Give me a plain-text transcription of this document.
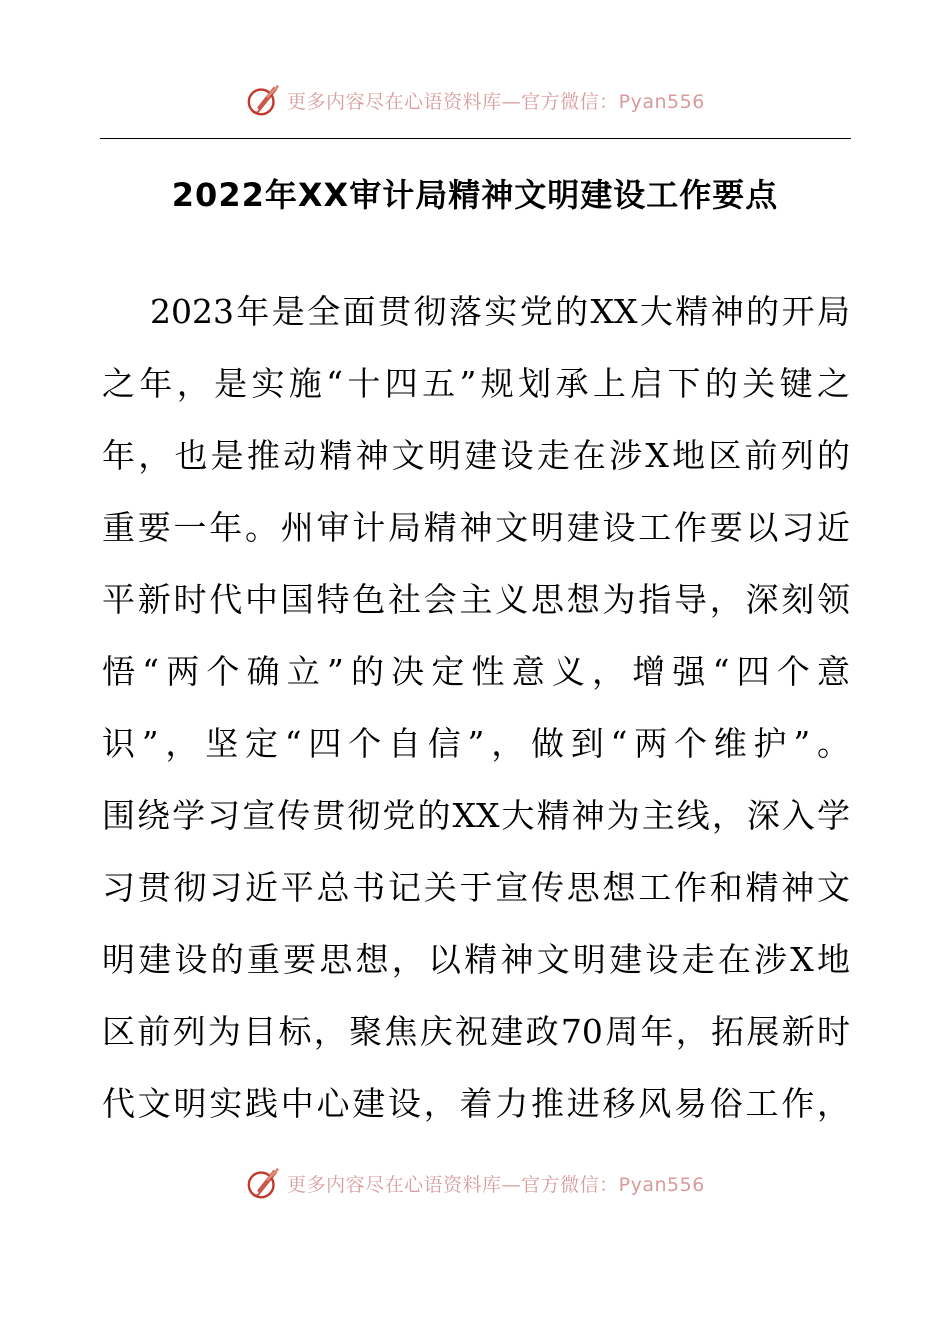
更多内容尽在心语资料库—官方微信：Pyan556
2022年XX审计局精神文明建设工作要点
2023年是全面贯彻落实党的XX大精神的开局
之年，是实施“十四五”规划承上启下的关键之
年，也是推动精神文明建设走在涉X地区前列的
重要一年。州审计局精神文明建设工作要以习近
平新时代中国特色社会主义思想为指导，深刻领
悟“两个确立”的决定性意义，增强“四个意
识”，坚定“四个自信”，做到“两个维护”。
围绕学习宣传贯彻党的XX大精神为主线，深入学
习贯彻习近平总书记关于宣传思想工作和精神文
明建设的重要思想，以精神文明建设走在涉X地
区前列为目标，聚焦庆祝建政70周年，拓展新时
代文明实践中心建设，着力推进移风易俗工作，
更多内容尽在心语资料库—官方微信：Pyan556
